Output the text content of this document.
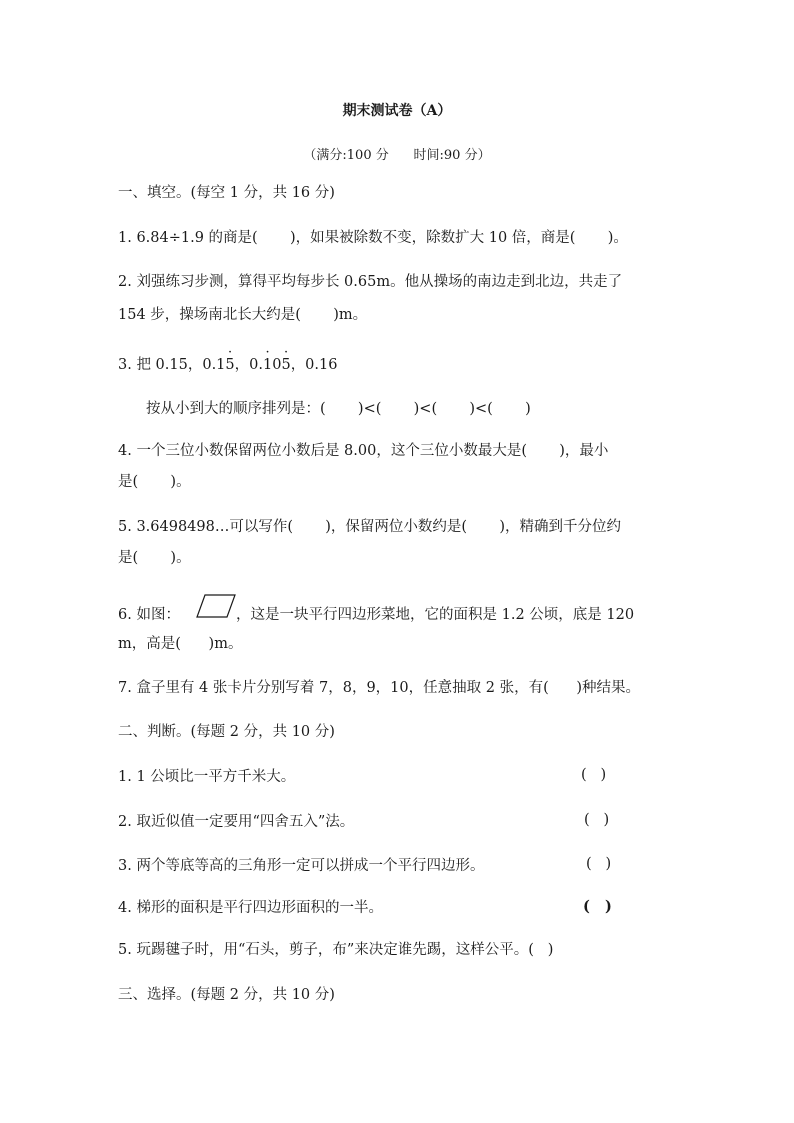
期末测试卷（A）
（满分:100 分      时间:90 分）
一、填空。(每空 1 分，共 16 分)
1. 6.84÷1.9 的商是(       )，如果被除数不变，除数扩大 10 倍，商是(       )。
2. 刘强练习步测，算得平均每步长 0.65m。他从操场的南边走到北边，共走了
154 步，操场南北长大约是(       )m。
3. 把 0.15，0.1· 5，0.· 10· 5，0.16
按从小到大的顺序排列是：(       )<(       )<(       )<(       )
4. 一个三位小数保留两位小数后是 8.00，这个三位小数最大是(       )，最小
是(       )。
5. 3.6498498…可以写作(       )，保留两位小数约是(       )，精确到千分位约
是(       )。
6. 如图：	，这是一块平行四边形菜地，它的面积是 1.2 公顷，底是 120
m，高是(      )m。
7. 盒子里有 4 张卡片分别写着 7，8，9，10，任意抽取 2 张，有(      )种结果。
二、判断。(每题 2 分，共 10 分)
1. 1 公顷比一平方千米大。	(   )
2. 取近似值一定要用“四舍五入”法。	(   )
3. 两个等底等高的三角形一定可以拼成一个平行四边形。	(   )
4. 梯形的面积是平行四边形面积的一半。	(   )
5. 玩踢毽子时，用“石头，剪子，布”来决定谁先踢，这样公平。(   )
三、选择。(每题 2 分，共 10 分)
